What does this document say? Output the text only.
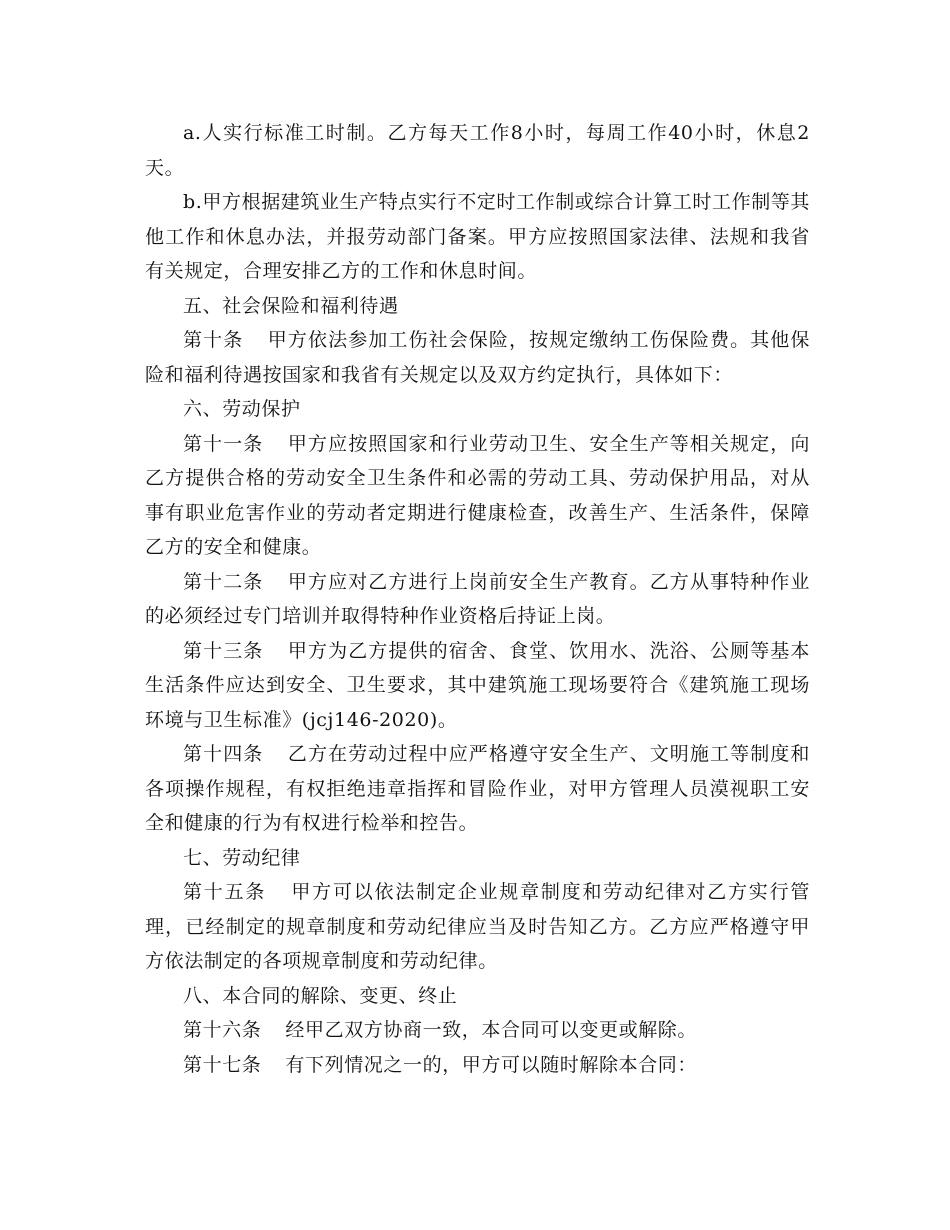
a.人实行标准工时制。乙方每天工作8小时，每周工作40小时，休息2天。

b.甲方根据建筑业生产特点实行不定时工作制或综合计算工时工作制等其他工作和休息办法，并报劳动部门备案。甲方应按照国家法律、法规和我省有关规定，合理安排乙方的工作和休息时间。

五、社会保险和福利待遇

第十条 甲方依法参加工伤社会保险，按规定缴纳工伤保险费。其他保险和福利待遇按国家和我省有关规定以及双方约定执行，具体如下：

六、劳动保护

第十一条 甲方应按照国家和行业劳动卫生、安全生产等相关规定，向乙方提供合格的劳动安全卫生条件和必需的劳动工具、劳动保护用品，对从事有职业危害作业的劳动者定期进行健康检查，改善生产、生活条件，保障乙方的安全和健康。

第十二条 甲方应对乙方进行上岗前安全生产教育。乙方从事特种作业的必须经过专门培训并取得特种作业资格后持证上岗。

第十三条 甲方为乙方提供的宿舍、食堂、饮用水、洗浴、公厕等基本生活条件应达到安全、卫生要求，其中建筑施工现场要符合《建筑施工现场环境与卫生标准》(jcj146-2020)。

第十四条 乙方在劳动过程中应严格遵守安全生产、文明施工等制度和各项操作规程，有权拒绝违章指挥和冒险作业，对甲方管理人员漠视职工安全和健康的行为有权进行检举和控告。

七、劳动纪律

第十五条 甲方可以依法制定企业规章制度和劳动纪律对乙方实行管理，已经制定的规章制度和劳动纪律应当及时告知乙方。乙方应严格遵守甲方依法制定的各项规章制度和劳动纪律。

八、本合同的解除、变更、终止

第十六条 经甲乙双方协商一致，本合同可以变更或解除。

第十七条 有下列情况之一的，甲方可以随时解除本合同：
